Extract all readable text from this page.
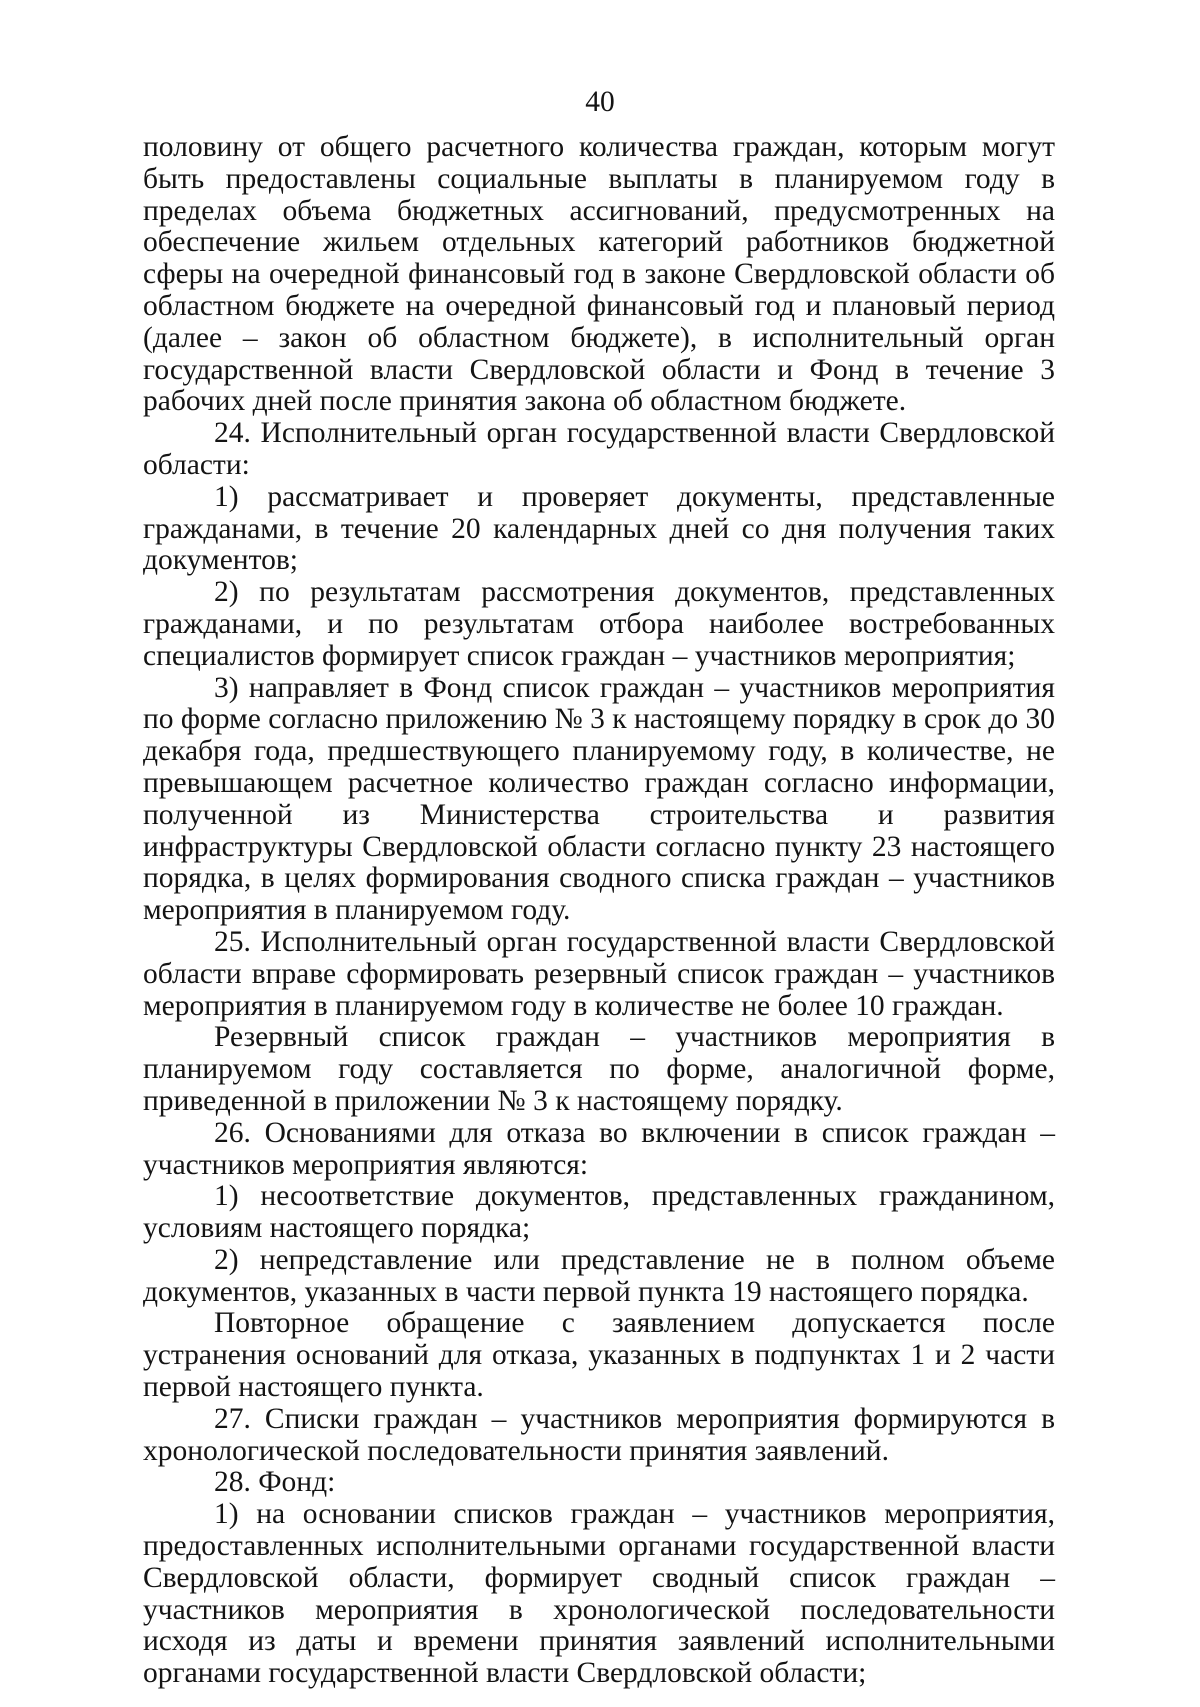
40

половину от общего расчетного количества граждан, которым могут быть предоставлены социальные выплаты в планируемом году в пределах объема бюджетных ассигнований, предусмотренных на обеспечение жильем отдельных категорий работников бюджетной сферы на очередной финансовый год в законе Свердловской области об областном бюджете на очередной финансовый год и плановый период (далее – закон об областном бюджете), в исполнительный орган государственной власти Свердловской области и Фонд в течение 3 рабочих дней после принятия закона об областном бюджете.

24. Исполнительный орган государственной власти Свердловской области:

1) рассматривает и проверяет документы, представленные гражданами, в течение 20 календарных дней со дня получения таких документов;

2) по результатам рассмотрения документов, представленных гражданами, и по результатам отбора наиболее востребованных специалистов формирует список граждан – участников мероприятия;

3) направляет в Фонд список граждан – участников мероприятия по форме согласно приложению № 3 к настоящему порядку в срок до 30 декабря года, предшествующего планируемому году, в количестве, не превышающем расчетное количество граждан согласно информации, полученной из Министерства строительства и развития инфраструктуры Свердловской области согласно пункту 23 настоящего порядка, в целях формирования сводного списка граждан – участников мероприятия в планируемом году.

25. Исполнительный орган государственной власти Свердловской области вправе сформировать резервный список граждан – участников мероприятия в планируемом году в количестве не более 10 граждан.

Резервный список граждан – участников мероприятия в планируемом году составляется по форме, аналогичной форме, приведенной в приложении № 3 к настоящему порядку.

26. Основаниями для отказа во включении в список граждан – участников мероприятия являются:

1) несоответствие документов, представленных гражданином, условиям настоящего порядка;

2) непредставление или представление не в полном объеме документов, указанных в части первой пункта 19 настоящего порядка.

Повторное обращение с заявлением допускается после устранения оснований для отказа, указанных в подпунктах 1 и 2 части первой настоящего пункта.

27. Списки граждан – участников мероприятия формируются в хронологической последовательности принятия заявлений.

28. Фонд:

1) на основании списков граждан – участников мероприятия, предоставленных исполнительными органами государственной власти Свердловской области, формирует сводный список граждан – участников мероприятия в хронологической последовательности исходя из даты и времени принятия заявлений исполнительными органами государственной власти Свердловской области;
